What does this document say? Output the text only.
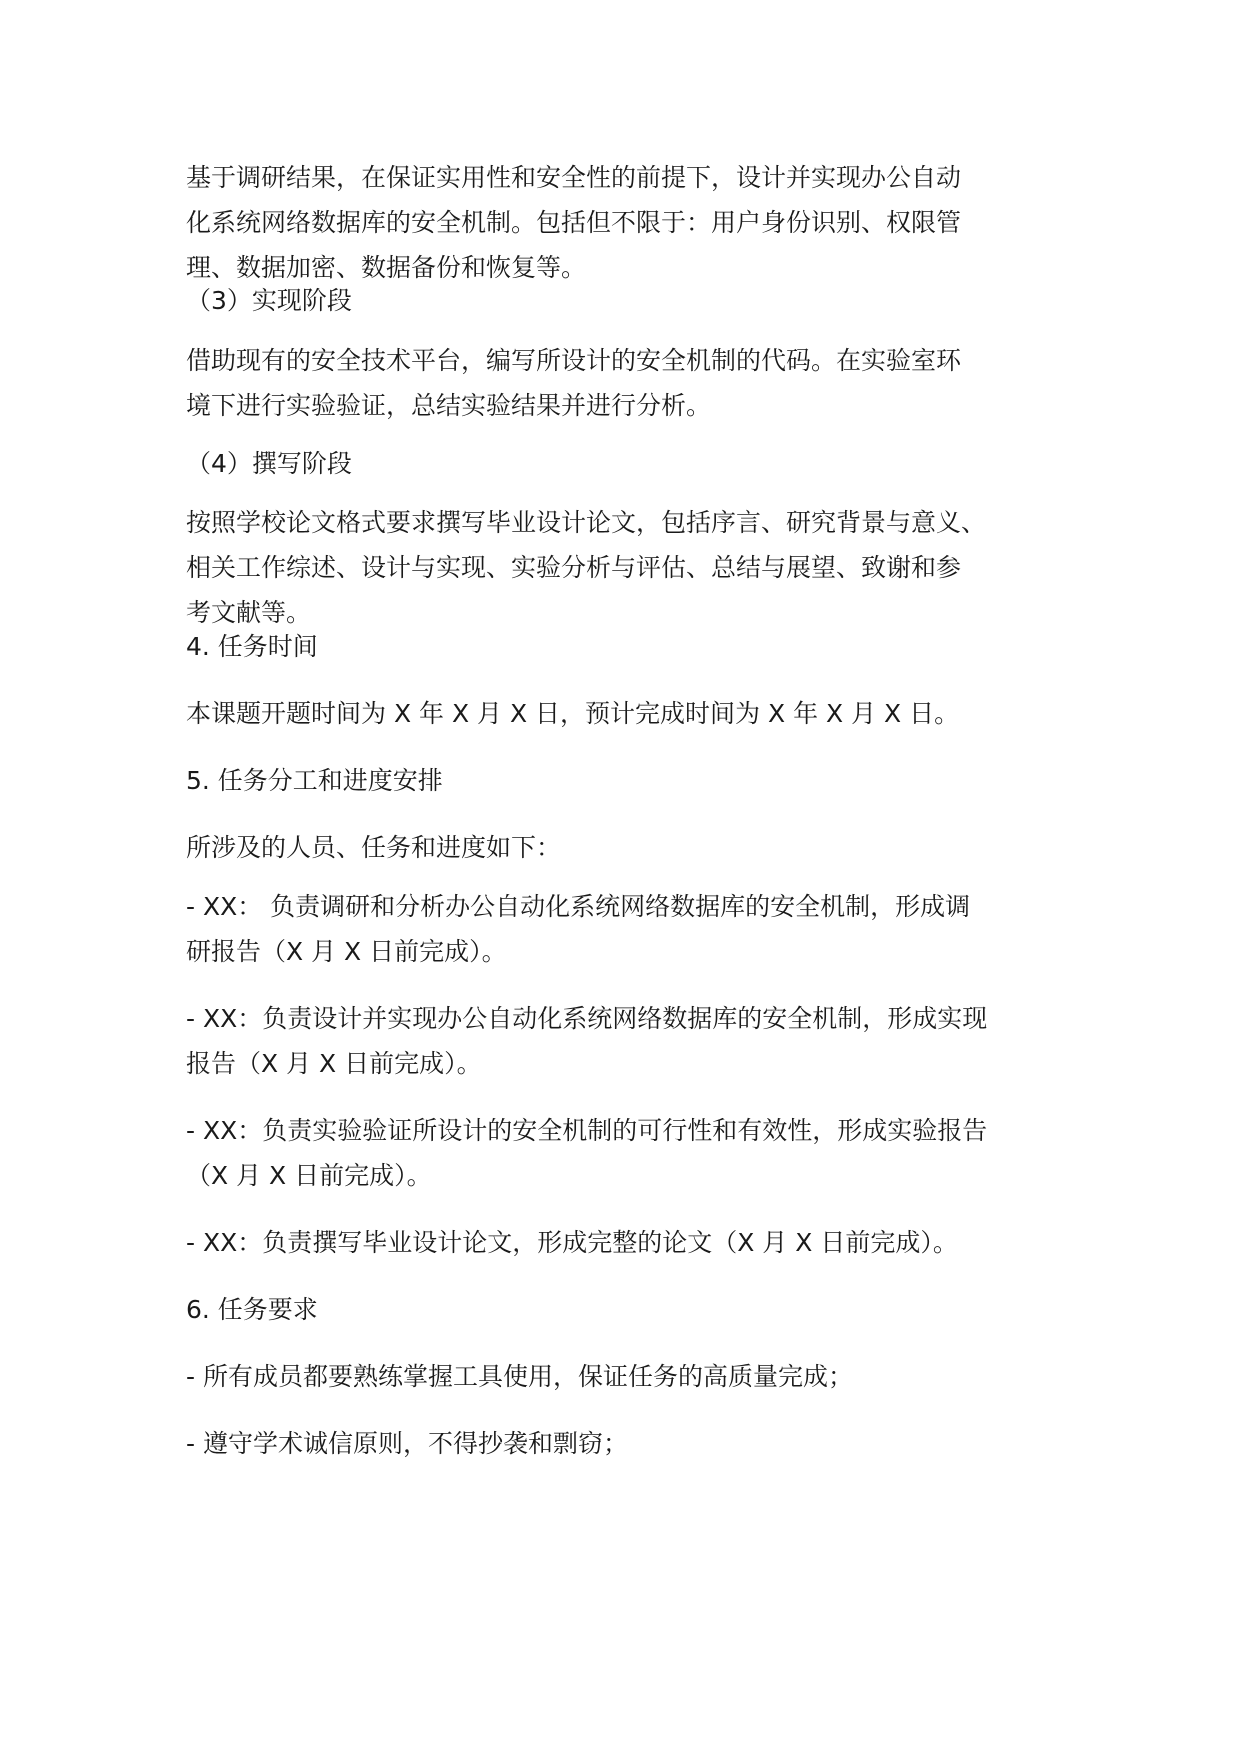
基于调研结果，在保证实用性和安全性的前提下，设计并实现办公自动
化系统网络数据库的安全机制。包括但不限于：用户身份识别、权限管
理、数据加密、数据备份和恢复等。
（3）实现阶段
借助现有的安全技术平台，编写所设计的安全机制的代码。在实验室环
境下进行实验验证，总结实验结果并进行分析。
（4）撰写阶段
按照学校论文格式要求撰写毕业设计论文，包括序言、研究背景与意义、
相关工作综述、设计与实现、实验分析与评估、总结与展望、致谢和参
考文献等。
4. 任务时间
本课题开题时间为 X 年 X 月 X 日，预计完成时间为 X 年 X 月 X 日。
5. 任务分工和进度安排
所涉及的人员、任务和进度如下：
- XX： 负责调研和分析办公自动化系统网络数据库的安全机制，形成调
研报告（X 月 X 日前完成）。
- XX：负责设计并实现办公自动化系统网络数据库的安全机制，形成实现
报告（X 月 X 日前完成）。
- XX：负责实验验证所设计的安全机制的可行性和有效性，形成实验报告
（X 月 X 日前完成）。
- XX：负责撰写毕业设计论文，形成完整的论文（X 月 X 日前完成）。
6. 任务要求
- 所有成员都要熟练掌握工具使用，保证任务的高质量完成；
- 遵守学术诚信原则，不得抄袭和剽窃；
